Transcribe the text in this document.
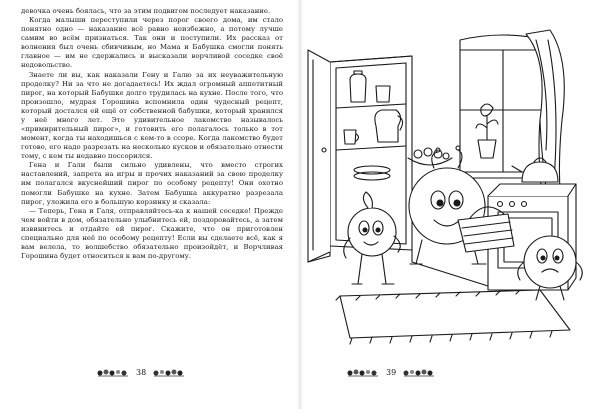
девочка очень боялась, что за этим подвигом последует наказание.

Когда малыши переступили через порог своего дома, им стало понятно одно — наказание всё равно неизбежно, а потому лучше самим во всём признаться. Так они и поступили. Их рассказ от волнения был очень сбивчивым, но Мама и Бабушка смогли понять главное — им не сдержались и высказали ворчливой соседке своё недовольство.

Знаете ли вы, как наказали Гену и Галю за их неуважительную проделку? Ни за что не догадаетесь! Их ждал огромный аппетитный пирог, на который Бабушке долго трудилась на кухне. После того, что произошло, мудрая Горошина вспомнила один чудесный рецепт, который достался ей ещё от собственной бабушки, который хранился у неё много лет. Это удивительное лакомство называлось «примирительный пирог», и готовить его полагалось только в тот момент, когда ты находишься с кем-то в ссоре. Когда лакомство будет готово, его надо разрезать на несколько кусков и обязательно отнести тому, с кем ты недавно поссорился.

Гена и Гали были сильно удивлены, что вместо строгих наставлений, запрета на игры и прочих наказаний за свою проделку им полагался вкуснейший пирог по особому рецепту! Они охотно помогли Бабушке на кухне. Затем Бабушка аккуратно разрезала пирог, уложила его в большую корзинку и сказала:

— Теперь, Гена и Галя, отправляйтесь-ка к нашей соседке! Прежде чем войти в дом, обязательно улыбнитесь ей, поздоровайтесь, а затем извинитесь и отдайте ей пирог. Скажите, что он приготовлен специально для неё по особому рецепту! Если вы сделаете всё, как я вам велела, то волшебство обязательно произойдёт, и Ворчливая Горошина будет относиться к вам по-другому.

38	39
